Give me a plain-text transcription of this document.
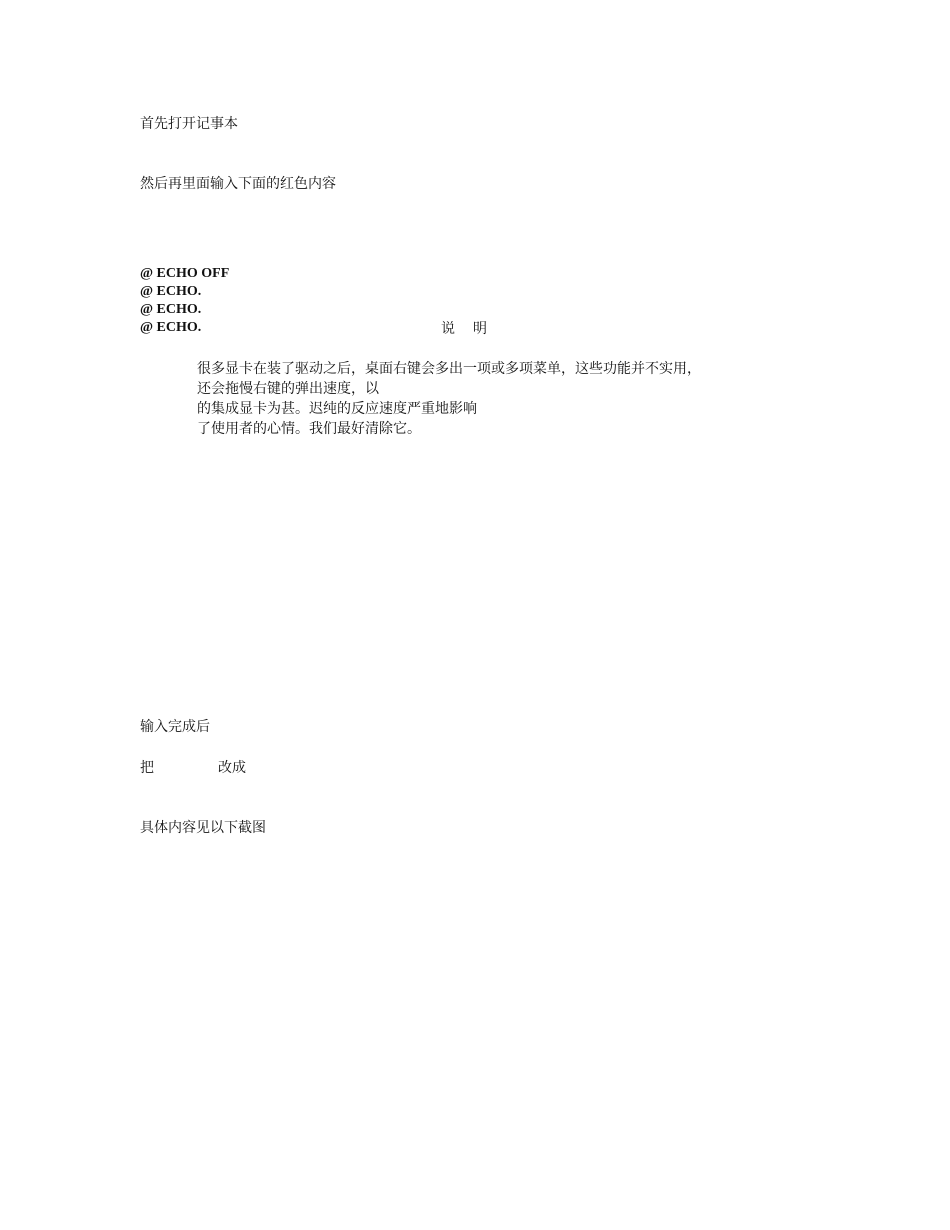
首先打开记事本
然后再里面输入下面的红色内容
@ ECHO OFF
@ ECHO.
@ ECHO.
@ ECHO.	说明
很多显卡在装了驱动之后，桌面右键会多出一项或多项菜单，这些功能并不实用，
还会拖慢右键的弹出速度，以
的集成显卡为甚。迟纯的反应速度严重地影响
了使用者的心情。我们最好清除它。
输入完成后
把	改成
具体内容见以下截图
